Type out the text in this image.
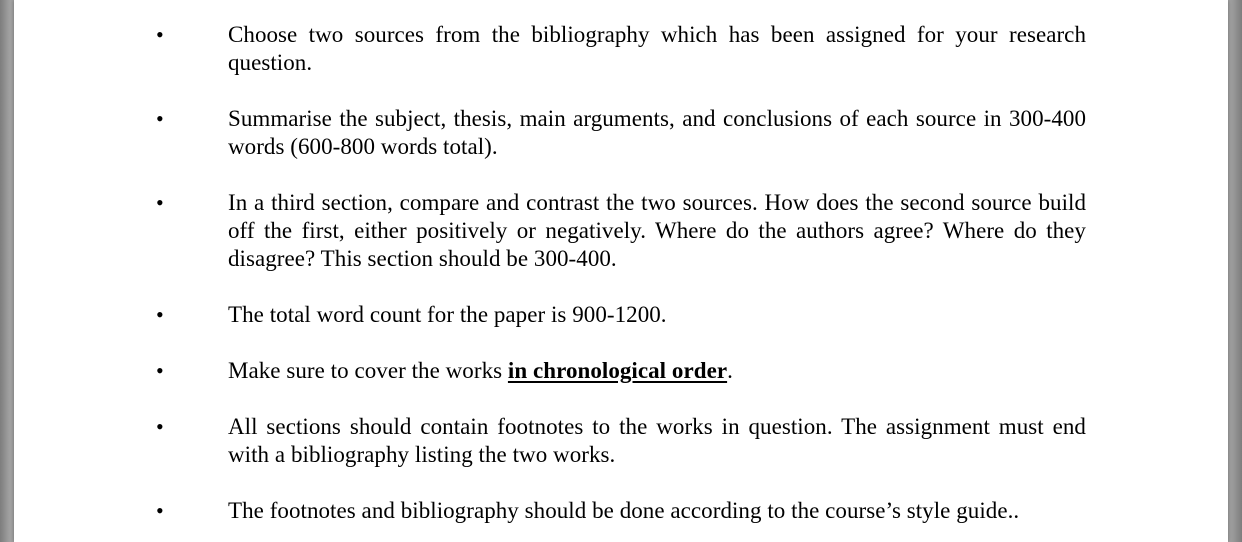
•	Choose two sources from the bibliography which has been assigned for your research question.
•	Summarise the subject, thesis, main arguments, and conclusions of each source in 300-400 words (600-800 words total).
•	In a third section, compare and contrast the two sources. How does the second source build off the first, either positively or negatively. Where do the authors agree? Where do they disagree? This section should be 300-400.
•	The total word count for the paper is 900-1200.
•	Make sure to cover the works in chronological order.
•	All sections should contain footnotes to the works in question. The assignment must end with a bibliography listing the two works.
•	The footnotes and bibliography should be done according to the course’s style guide..
